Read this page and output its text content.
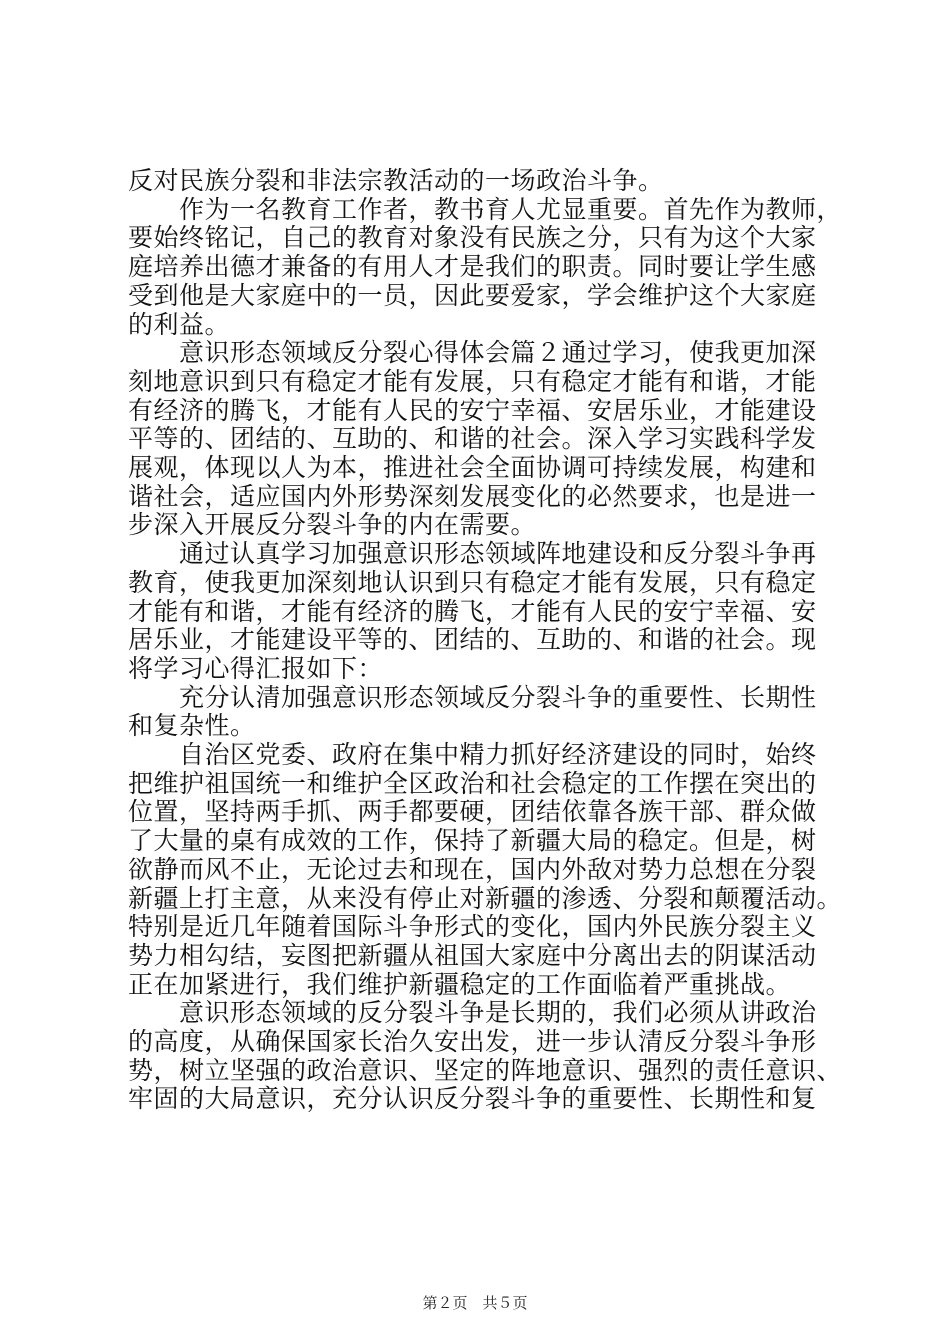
反对民族分裂和非法宗教活动的一场政治斗争。
　　作为一名教育工作者，教书育人尤显重要。首先作为教师，
要始终铭记，自己的教育对象没有民族之分，只有为这个大家
庭培养出德才兼备的有用人才是我们的职责。同时要让学生感
受到他是大家庭中的一员，因此要爱家，学会维护这个大家庭
的利益。
　　意识形态领域反分裂心得体会篇２通过学习，使我更加深
刻地意识到只有稳定才能有发展，只有稳定才能有和谐，才能
有经济的腾飞，才能有人民的安宁幸福、安居乐业，才能建设
平等的、团结的、互助的、和谐的社会。深入学习实践科学发
展观，体现以人为本，推进社会全面协调可持续发展，构建和
谐社会，适应国内外形势深刻发展变化的必然要求，也是进一
步深入开展反分裂斗争的内在需要。
　　通过认真学习加强意识形态领域阵地建设和反分裂斗争再
教育，使我更加深刻地认识到只有稳定才能有发展，只有稳定
才能有和谐，才能有经济的腾飞，才能有人民的安宁幸福、安
居乐业，才能建设平等的、团结的、互助的、和谐的社会。现
将学习心得汇报如下：
　　充分认清加强意识形态领域反分裂斗争的重要性、长期性
和复杂性。
　　自治区党委、政府在集中精力抓好经济建设的同时，始终
把维护祖国统一和维护全区政治和社会稳定的工作摆在突出的
位置，坚持两手抓、两手都要硬，团结依靠各族干部、群众做
了大量的桌有成效的工作，保持了新疆大局的稳定。但是，树
欲静而风不止，无论过去和现在，国内外敌对势力总想在分裂
新疆上打主意，从来没有停止对新疆的渗透、分裂和颠覆活动。
特别是近几年随着国际斗争形式的变化，国内外民族分裂主义
势力相勾结，妄图把新疆从祖国大家庭中分离出去的阴谋活动
正在加紧进行，我们维护新疆稳定的工作面临着严重挑战。
　　意识形态领域的反分裂斗争是长期的，我们必须从讲政治
的高度，从确保国家长治久安出发，进一步认清反分裂斗争形
势，树立坚强的政治意识、坚定的阵地意识、强烈的责任意识、
牢固的大局意识，充分认识反分裂斗争的重要性、长期性和复
第２页　共５页
